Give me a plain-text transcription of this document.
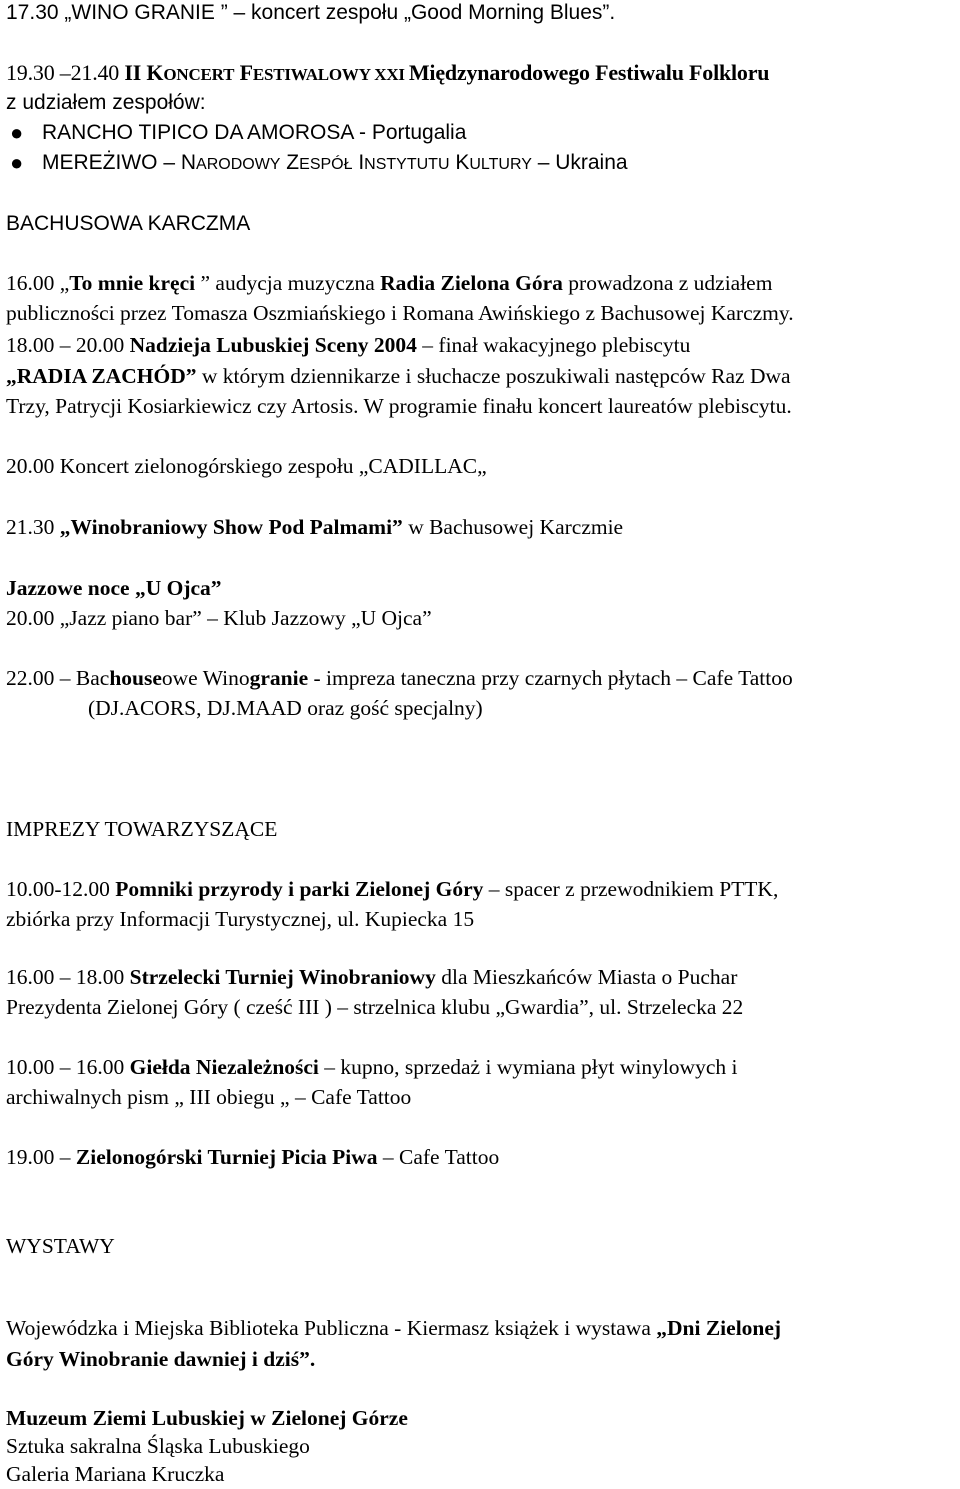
17.30 „WINO GRANIE ” – koncert zespołu „Good Morning Blues”.
19.30 –21.40 II KONCERT FESTIWALOWY XXI Międzynarodowego Festiwalu Folkloru
z udziałem zespołów:
● RANCHO TIPICO DA AMOROSA - Portugalia
● MEREŻIWO – NARODOWY ZESPÓŁ INSTYTUTU KULTURY – Ukraina
BACHUSOWA KARCZMA
16.00 „To mnie kręci ” audycja muzyczna Radia Zielona Góra prowadzona z udziałem
publiczności przez Tomasza Oszmiańskiego i Romana Awińskiego z Bachusowej Karczmy.
18.00 – 20.00 Nadzieja Lubuskiej Sceny 2004 – finał wakacyjnego plebiscytu
„RADIA ZACHÓD” w którym dziennikarze i słuchacze poszukiwali następców Raz Dwa
Trzy, Patrycji Kosiarkiewicz czy Artosis. W programie finału koncert laureatów plebiscytu.
20.00 Koncert zielonogórskiego zespołu „CADILLAC„
21.30 „Winobraniowy Show Pod Palmami” w Bachusowej Karczmie
Jazzowe noce „U Ojca”
20.00 „Jazz piano bar” – Klub Jazzowy „U Ojca”
22.00 – Bachouseowe Winogranie - impreza taneczna przy czarnych płytach – Cafe Tattoo
(DJ.ACORS, DJ.MAAD oraz gość specjalny)
IMPREZY TOWARZYSZĄCE
10.00-12.00 Pomniki przyrody i parki Zielonej Góry – spacer z przewodnikiem PTTK,
zbiórka przy Informacji Turystycznej, ul. Kupiecka 15
16.00 – 18.00 Strzelecki Turniej Winobraniowy dla Mieszkańców Miasta o Puchar
Prezydenta Zielonej Góry ( cześć III ) – strzelnica klubu „Gwardia”, ul. Strzelecka 22
10.00 – 16.00 Giełda Niezależności – kupno, sprzedaż i wymiana płyt winylowych i
archiwalnych pism „ III obiegu „ – Cafe Tattoo
19.00 – Zielonogórski Turniej Picia Piwa – Cafe Tattoo
WYSTAWY
Wojewódzka i Miejska Biblioteka Publiczna - Kiermasz książek i wystawa „Dni Zielonej
Góry Winobranie dawniej i dziś”.
Muzeum Ziemi Lubuskiej w Zielonej Górze
Sztuka sakralna Śląska Lubuskiego
Galeria Mariana Kruczka
